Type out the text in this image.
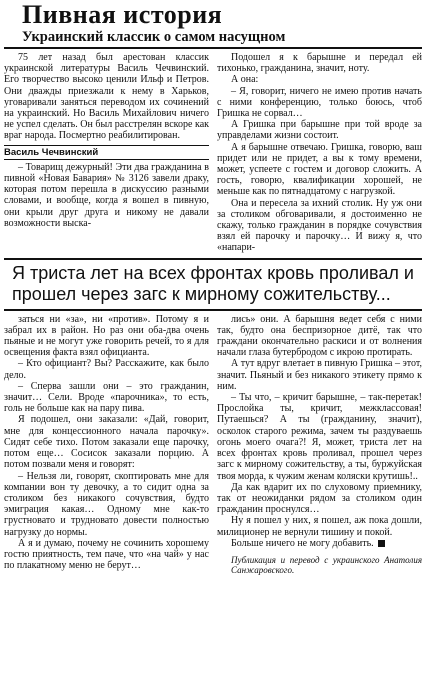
Пивная история
Украинский классик о самом насущном

75 лет назад был арестован классик украинской литературы Василь Чечвинский. Его творчество высоко ценили Ильф и Петров. Они дважды приезжали к нему в Харьков, уговаривали заняться переводом их сочинений на украинский. Но Василь Михайлович ничего не успел сделать. Он был расстрелян вскоре как враг народа. Посмертно реабилитирован.

Василь Чечвинский

– Товарищ дежурный! Эти два гражданина в пивной «Новая Бавария» № 3126 завели драку, которая потом перешла в дискуссию разными словами, и вообще, когда я вошел в пивную, они крыли друг друга и никому не давали возможности выска-

Подошел я к барышне и передал ей тихонько, гражданина, значит, ноту.

А она:

– Я, говорит, ничего не имею против начать с ними конференцию, только боюсь, чтоб Гришка не сорвал…

А Гришка при барышне при той вроде за управделами жизни состоит.

А я барышне отвечаю. Гришка, говорю, ваш придет или не придет, а вы к тому времени, может, успеете с гостем и договор сложить. А гость, говорю, квалификации хорошей, не меньше как по пятнадцатому с нагрузкой.

Она и пересела за ихний столик. Ну уж они за столиком обговаривали, я достоименно не скажу, только гражданин в порядке сочувствия взял ей парочку и парочку… И вижу я, что «напари-

Я триста лет на всех фронтах кровь проливал и прошел через загс к мирному сожительству...

заться ни «за», ни «против». Потому я и забрал их в район. Но раз они оба-два очень пьяные и не могут уже говорить речей, то я для освещения факта взял официанта.

– Кто официант? Вы? Расскажите, как было дело.

– Сперва зашли они – это гражданин, значит… Сели. Вроде «парочника», то есть, голь не больше как на пару пива.

Я подошел, они заказали: «Дай, говорит, мне для концессионного начала парочку». Сидят себе тихо. Потом заказали еще парочку, потом еще… Сосисок заказали порцию. А потом позвали меня и говорят:

– Нельзя ли, говорят, скоптировать мне для компании вон ту девочку, а то сидит одна за столиком без никакого сочувствия, будто эмиграция какая… Одному мне как-то грустновато и трудновато довести полностью нагрузку до нормы.

А я и думаю, почему не сочинить хорошему гостю приятность, тем паче, что «на чай» у нас по плакатному меню не берут…

лись» они. А барышня ведет себя с ними так, будто она беспризорное дитё, так что граждани окончательно раскиси и от волнения начали глаза бутербродом с икрою протирать.

А тут вдруг влетает в пивную Гришка – этот, значит. Пьяный и без никакого этикету прямо к ним.

– Ты что, – кричит барышне, – так-перетак! Прослойка ты, кричит, межклассовая! Путаешься? А ты (гражданину, значит), осколок старого режима, зачем ты раздуваешь огонь моего очага?! Я, может, триста лет на всех фронтах кровь проливал, прошел через загс к мирному сожительству, а ты, буржуйская твоя морда, к чужим женам коляски крутишь!..

Да как вдарит их по слуховому приемнику, так от неожиданки рядом за столиком один гражданин проснулся…

Ну я пошел у них, я пошел, аж пока дошли, милиционер не вернули тишину и покой.

Больше ничего не могу добавить.

Публикация и перевод с украинского Анатолия Санжаровского.
